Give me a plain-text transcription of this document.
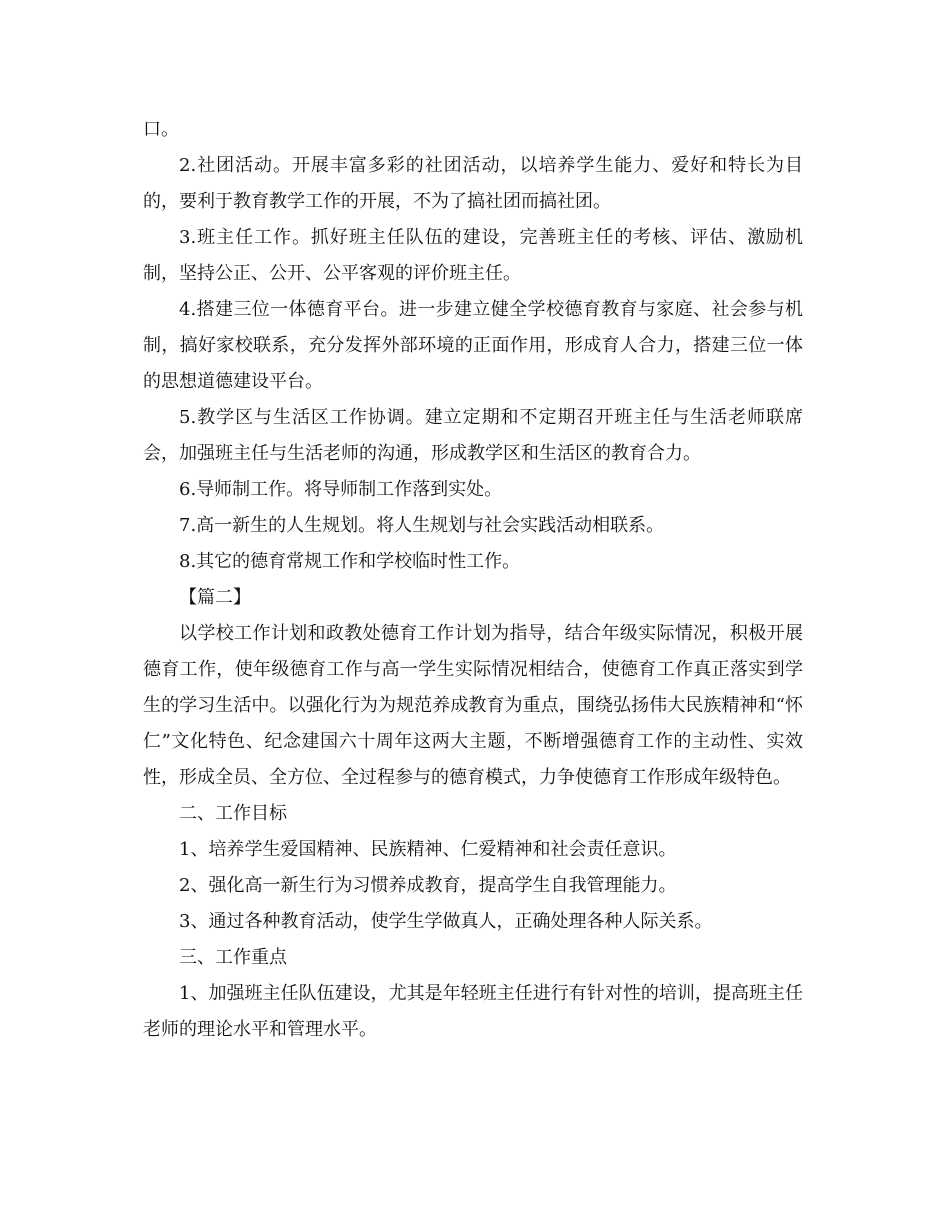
口。

2.社团活动。开展丰富多彩的社团活动，以培养学生能力、爱好和特长为目的，要利于教育教学工作的开展，不为了搞社团而搞社团。

3.班主任工作。抓好班主任队伍的建设，完善班主任的考核、评估、激励机制，坚持公正、公开、公平客观的评价班主任。

4.搭建三位一体德育平台。进一步建立健全学校德育教育与家庭、社会参与机制，搞好家校联系，充分发挥外部环境的正面作用，形成育人合力，搭建三位一体的思想道德建设平台。

5.教学区与生活区工作协调。建立定期和不定期召开班主任与生活老师联席会，加强班主任与生活老师的沟通，形成教学区和生活区的教育合力。

6.导师制工作。将导师制工作落到实处。

7.高一新生的人生规划。将人生规划与社会实践活动相联系。

8.其它的德育常规工作和学校临时性工作。

【篇二】

以学校工作计划和政教处德育工作计划为指导，结合年级实际情况，积极开展德育工作，使年级德育工作与高一学生实际情况相结合，使德育工作真正落实到学生的学习生活中。以强化行为为规范养成教育为重点，围绕弘扬伟大民族精神和“怀仁”文化特色、纪念建国六十周年这两大主题，不断增强德育工作的主动性、实效性，形成全员、全方位、全过程参与的德育模式，力争使德育工作形成年级特色。

二、工作目标

1、培养学生爱国精神、民族精神、仁爱精神和社会责任意识。

2、强化高一新生行为习惯养成教育，提高学生自我管理能力。

3、通过各种教育活动，使学生学做真人，正确处理各种人际关系。

三、工作重点

1、加强班主任队伍建设，尤其是年轻班主任进行有针对性的培训，提高班主任老师的理论水平和管理水平。
